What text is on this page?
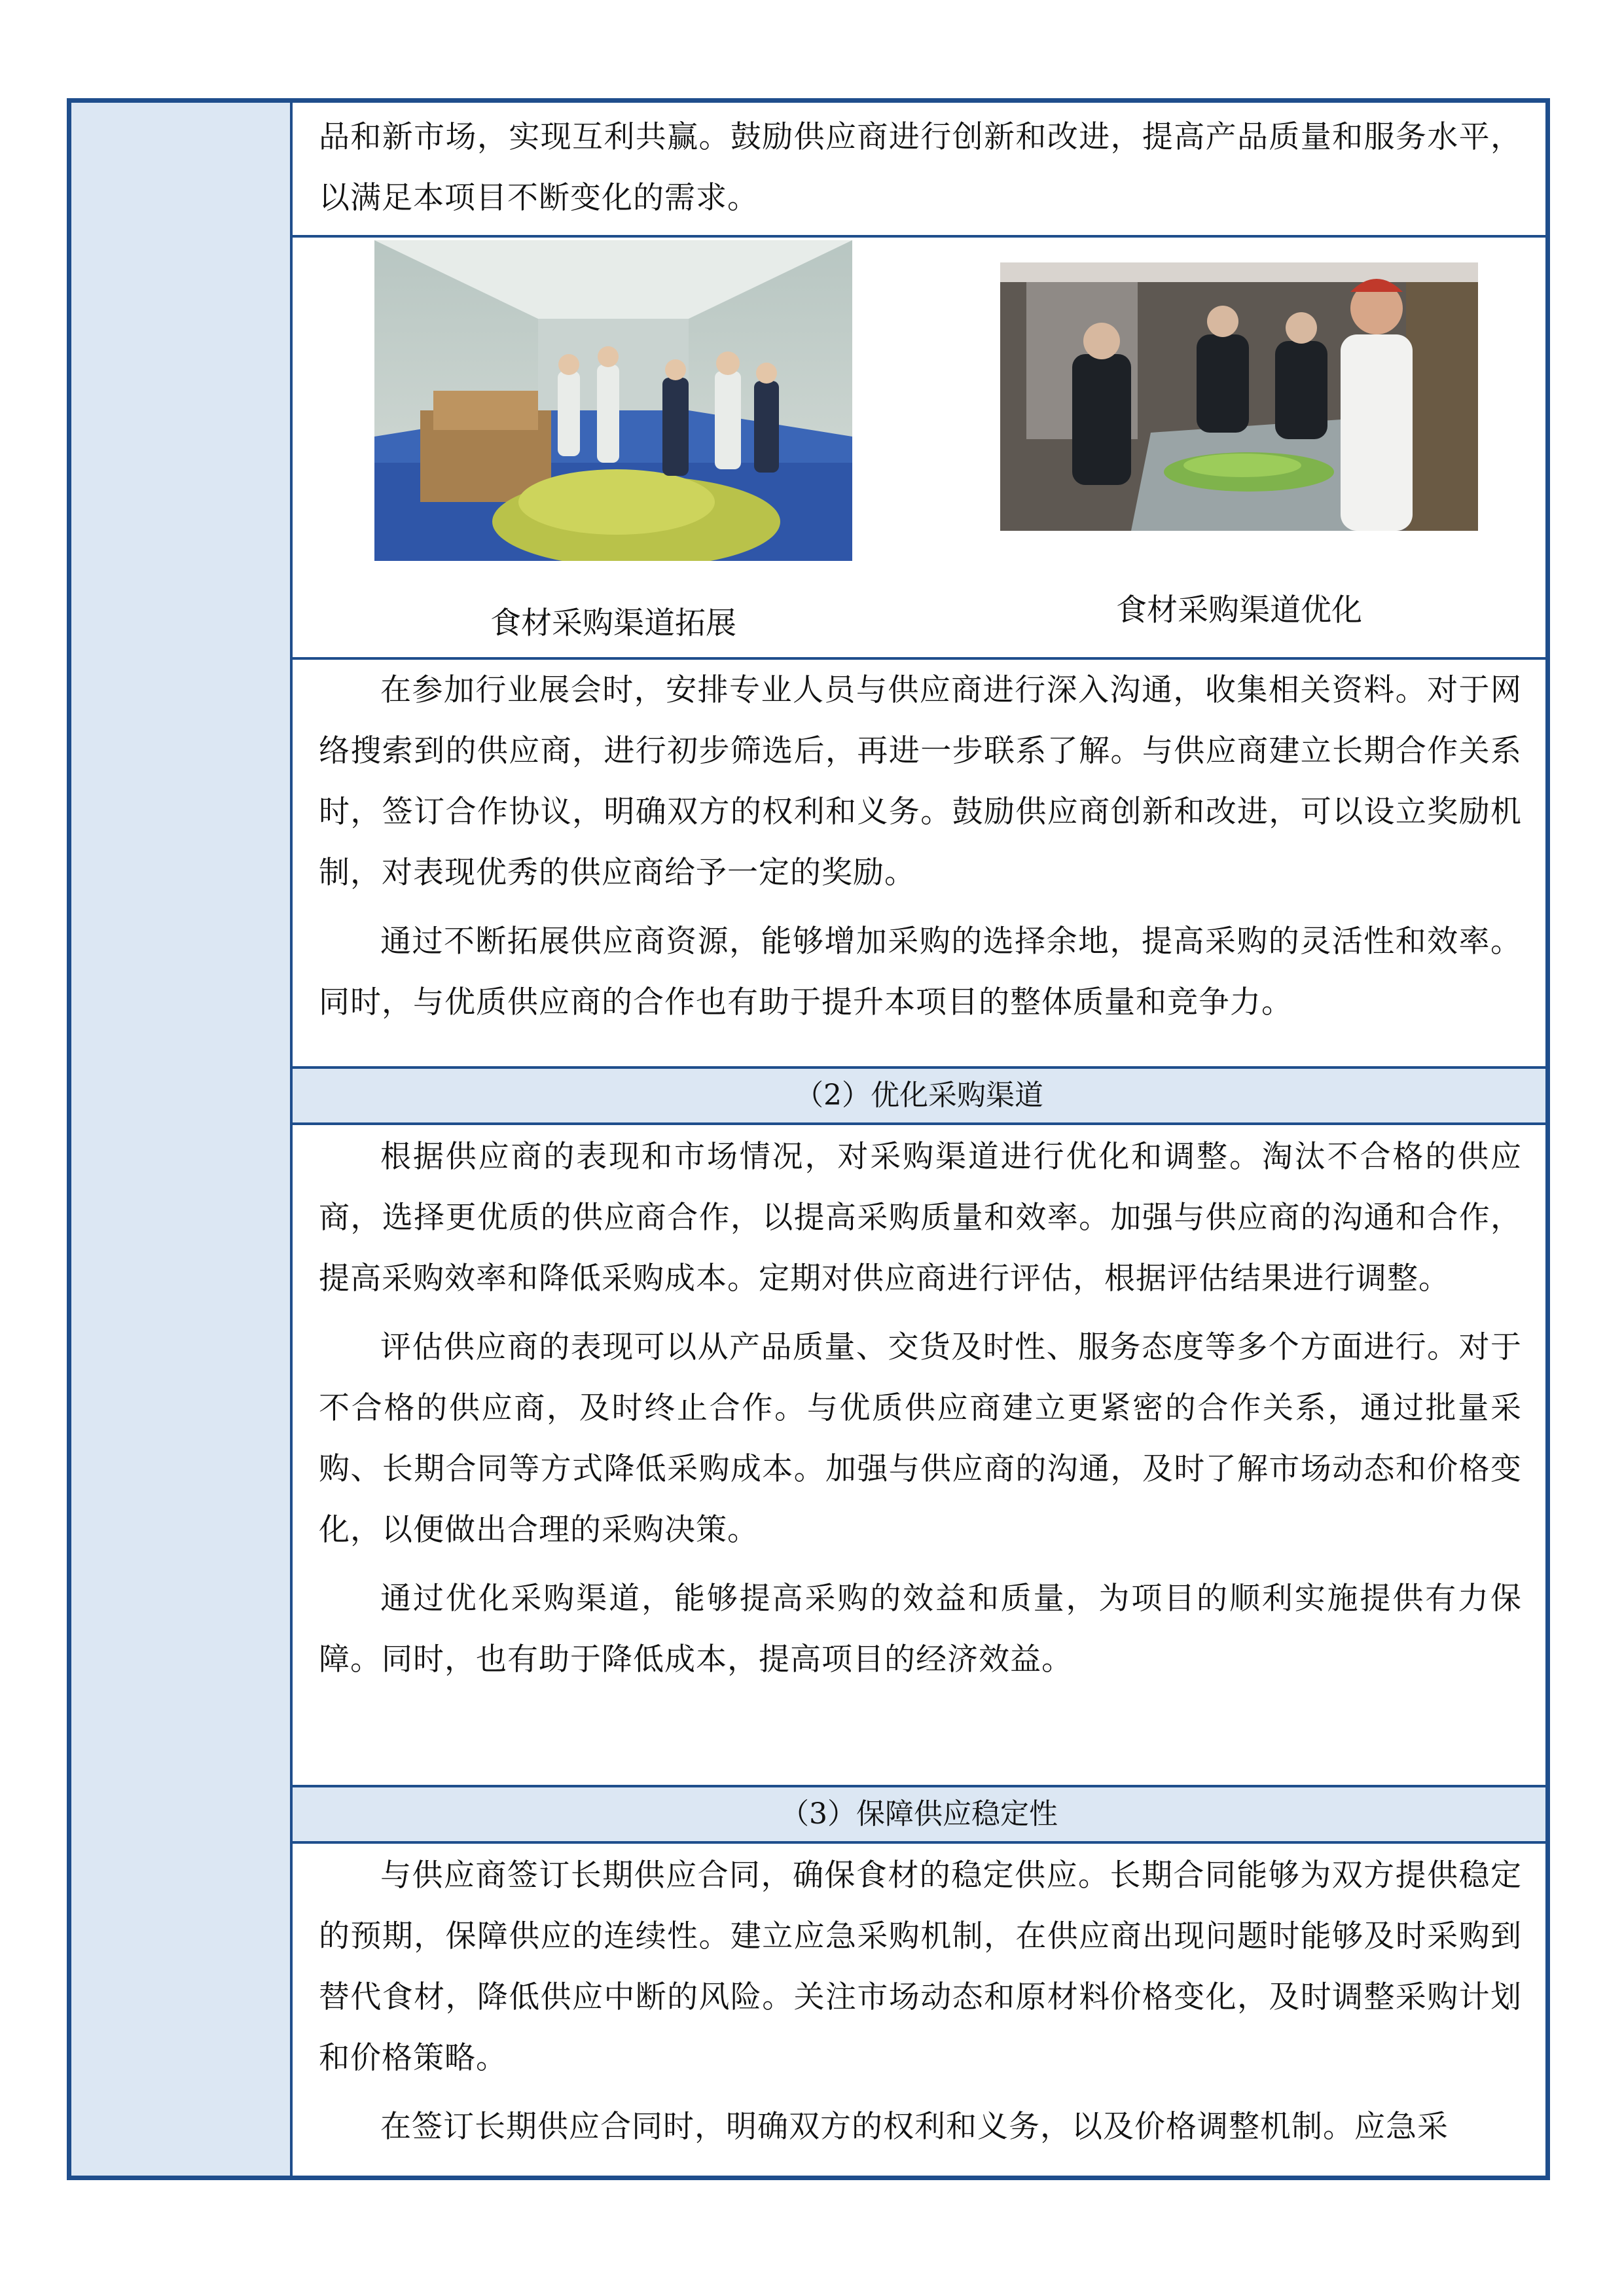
品和新市场，实现互利共赢。鼓励供应商进行创新和改进，提高产品质量和服务水平，以满足本项目不断变化的需求。

食材采购渠道拓展	食材采购渠道优化

在参加行业展会时，安排专业人员与供应商进行深入沟通，收集相关资料。对于网络搜索到的供应商，进行初步筛选后，再进一步联系了解。与供应商建立长期合作关系时，签订合作协议，明确双方的权利和义务。鼓励供应商创新和改进，可以设立奖励机制，对表现优秀的供应商给予一定的奖励。

通过不断拓展供应商资源，能够增加采购的选择余地，提高采购的灵活性和效率。同时，与优质供应商的合作也有助于提升本项目的整体质量和竞争力。

（2）优化采购渠道

根据供应商的表现和市场情况，对采购渠道进行优化和调整。淘汰不合格的供应商，选择更优质的供应商合作，以提高采购质量和效率。加强与供应商的沟通和合作，提高采购效率和降低采购成本。定期对供应商进行评估，根据评估结果进行调整。

评估供应商的表现可以从产品质量、交货及时性、服务态度等多个方面进行。对于不合格的供应商，及时终止合作。与优质供应商建立更紧密的合作关系，通过批量采购、长期合同等方式降低采购成本。加强与供应商的沟通，及时了解市场动态和价格变化，以便做出合理的采购决策。

通过优化采购渠道，能够提高采购的效益和质量，为项目的顺利实施提供有力保障。同时，也有助于降低成本，提高项目的经济效益。

（3）保障供应稳定性

与供应商签订长期供应合同，确保食材的稳定供应。长期合同能够为双方提供稳定的预期，保障供应的连续性。建立应急采购机制，在供应商出现问题时能够及时采购到替代食材，降低供应中断的风险。关注市场动态和原材料价格变化，及时调整采购计划和价格策略。

在签订长期供应合同时，明确双方的权利和义务，以及价格调整机制。应急采
